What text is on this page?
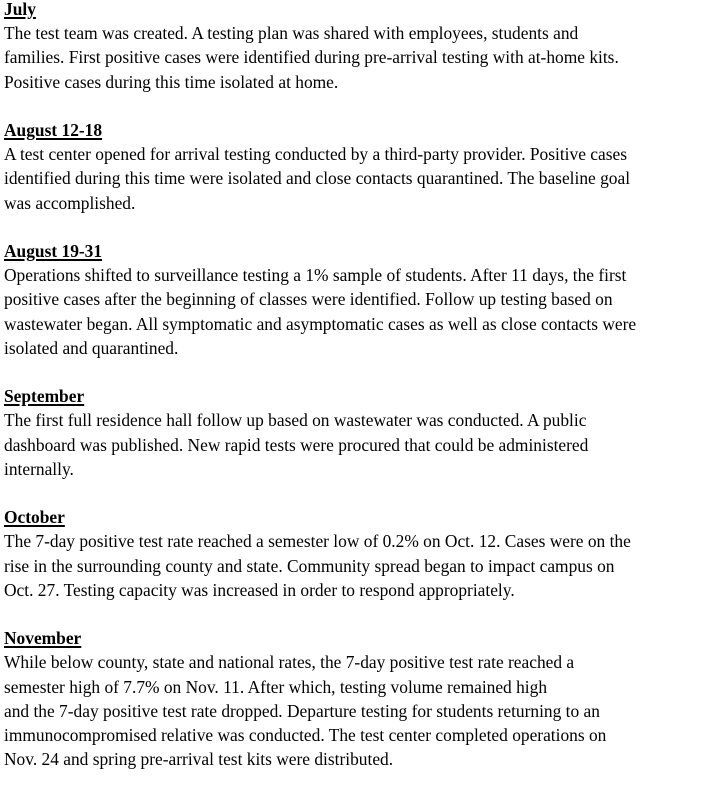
July
The test team was created. A testing plan was shared with employees, students and
families. First positive cases were identified during pre-arrival testing with at-home kits.
Positive cases during this time isolated at home.
August 12-18
A test center opened for arrival testing conducted by a third-party provider. Positive cases
identified during this time were isolated and close contacts quarantined. The baseline goal
was accomplished.
August 19-31
Operations shifted to surveillance testing a 1% sample of students. After 11 days, the first
positive cases after the beginning of classes were identified. Follow up testing based on
wastewater began. All symptomatic and asymptomatic cases as well as close contacts were
isolated and quarantined.
September
The first full residence hall follow up based on wastewater was conducted. A public
dashboard was published. New rapid tests were procured that could be administered
internally.
October
The 7-day positive test rate reached a semester low of 0.2% on Oct. 12. Cases were on the
rise in the surrounding county and state. Community spread began to impact campus on
Oct. 27. Testing capacity was increased in order to respond appropriately.
November
While below county, state and national rates, the 7-day positive test rate reached a
semester high of 7.7% on Nov. 11. After which, testing volume remained high
and the 7-day positive test rate dropped. Departure testing for students returning to an
immunocompromised relative was conducted. The test center completed operations on
Nov. 24 and spring pre-arrival test kits were distributed.
